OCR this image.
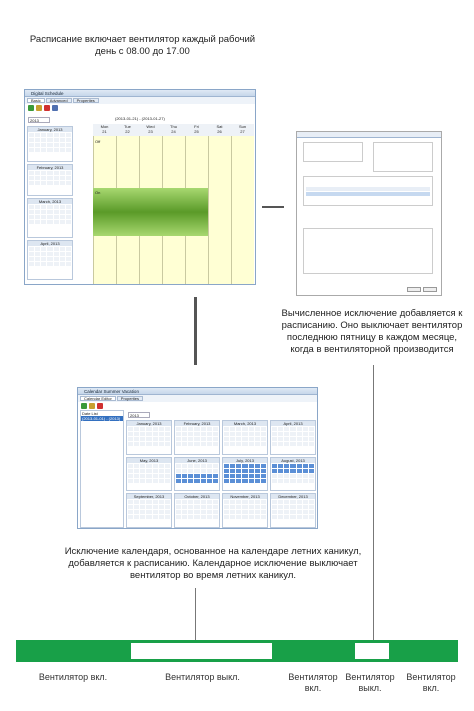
Расписание включает вентилятор каждый рабочий день с 08.00 до 17.00
Digital Schedule
Basic	Advanced	Properties
2013	(2013-01-21) - (2013-01-27)
January, 2013
February, 2013
March, 2013
April, 2013
Mon
21
Tue
22
Wed
23
Thu
24
Fri
25
Sat
26
Sun
27
Off
On
Вычисленное исключение добавляется к расписанию. Оно выключает вентилятор последнюю пятницу в каждом месяце, когда в вентиляторной производится
Calendar Summer Vacation
Calendar Editor	Properties
Date List
(2013-01-01) - (2013)
2013
January, 2013	February, 2013	March, 2013	April, 2013
May, 2013	June, 2013	July, 2013	August, 2013
September, 2013	October, 2013	November, 2013	December, 2013
Исключение календаря, основанное на календаре летних каникул, добавляется к расписанию. Календарное исключение выключает вентилятор во время летних каникул.
Вентилятор вкл.	Вентилятор выкл.	Вентилятор вкл.
Вентилятор выкл.
Вентилятор вкл.
